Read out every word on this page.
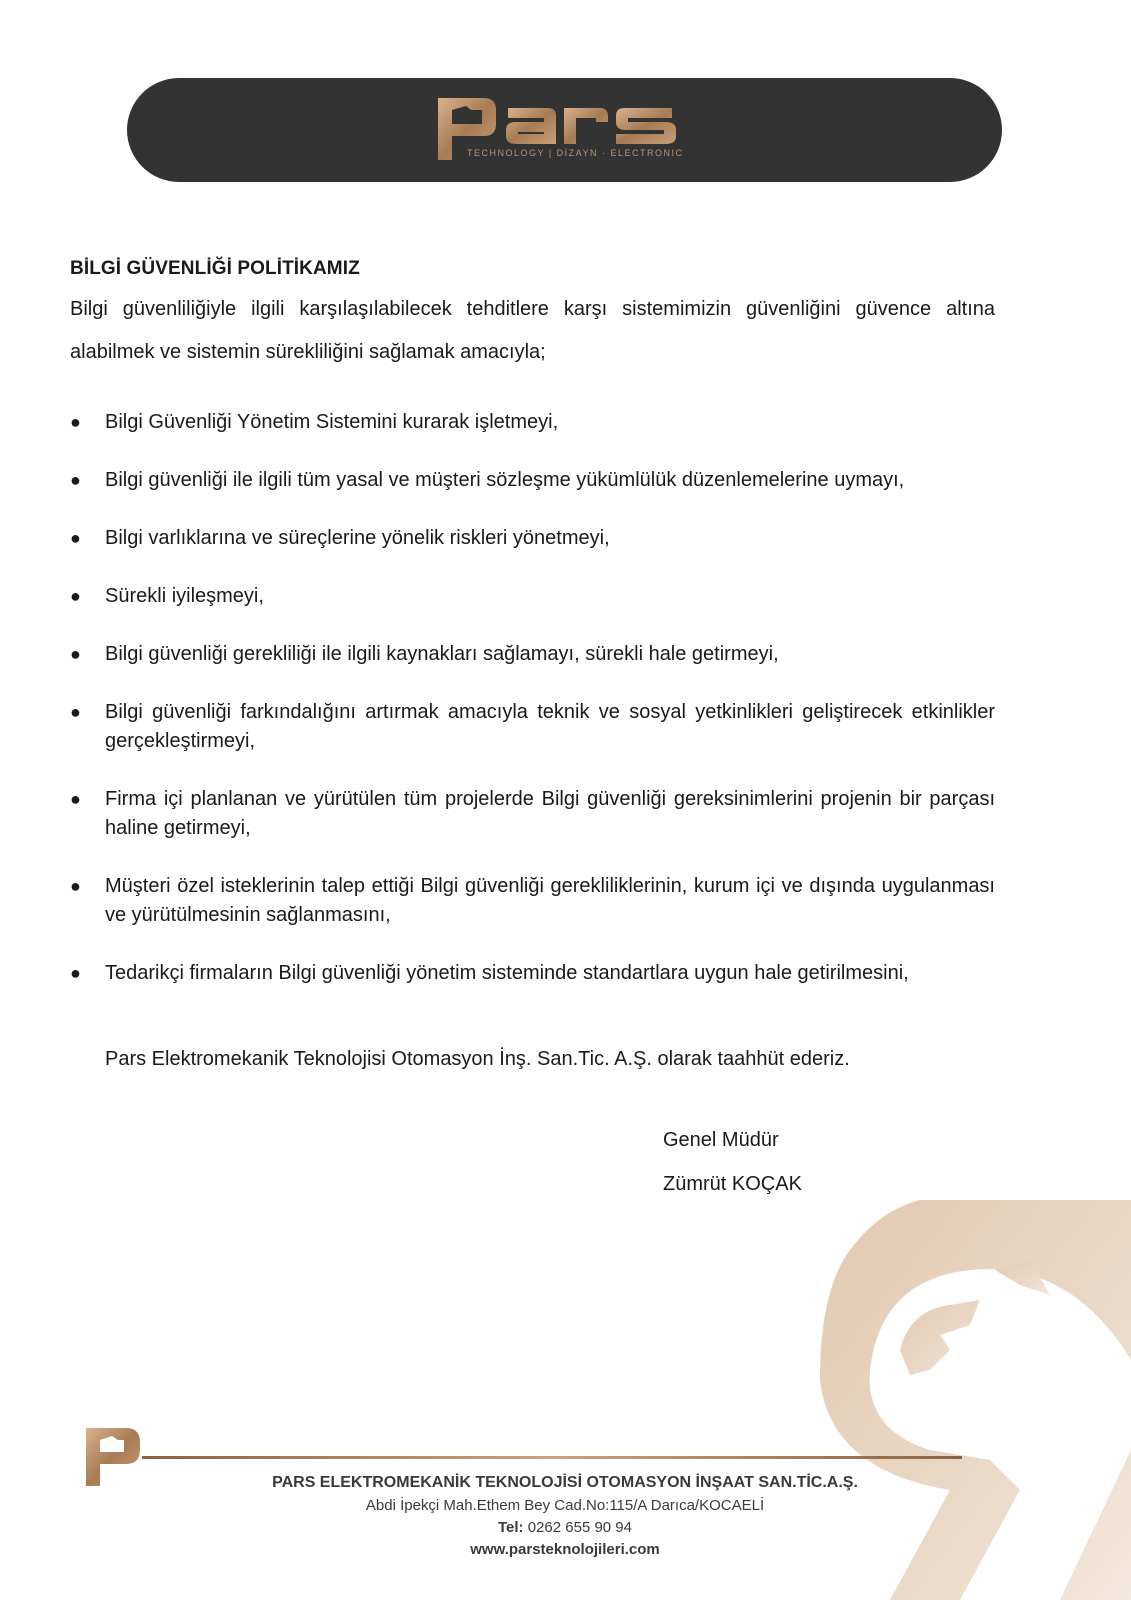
TECHNOLOGY | DİZAYN · ELECTRONIC
BİLGİ GÜVENLİĞİ POLİTİKAMIZ

Bilgi güvenliliğiyle ilgili karşılaşılabilecek tehditlere karşı sistemimizin güvenliğini güvence altına alabilmek ve sistemin sürekliliğini sağlamak amacıyla;

● Bilgi Güvenliği Yönetim Sistemini kurarak işletmeyi,
● Bilgi güvenliği ile ilgili tüm yasal ve müşteri sözleşme yükümlülük düzenlemelerine uymayı,
● Bilgi varlıklarına ve süreçlerine yönelik riskleri yönetmeyi,
● Sürekli iyileşmeyi,
● Bilgi güvenliği gerekliliği ile ilgili kaynakları sağlamayı, sürekli hale getirmeyi,
● Bilgi güvenliği farkındalığını artırmak amacıyla teknik ve sosyal yetkinlikleri geliştirecek etkinlikler gerçekleştirmeyi,
● Firma içi planlanan ve yürütülen tüm projelerde Bilgi güvenliği gereksinimlerini projenin bir parçası haline getirmeyi,
● Müşteri özel isteklerinin talep ettiği Bilgi güvenliği gerekliliklerinin, kurum içi ve dışında uygulanması ve yürütülmesinin sağlanmasını,
● Tedarikçi firmaların Bilgi güvenliği yönetim sisteminde standartlara uygun hale getirilmesini,
Pars Elektromekanik Teknolojisi Otomasyon İnş. San.Tic. A.Ş. olarak taahhüt ederiz.
Genel Müdür
Zümrüt KOÇAK
PARS ELEKTROMEKANİK TEKNOLOJİSİ OTOMASYON İNŞAAT SAN.TİC.A.Ş.
Abdi İpekçi Mah.Ethem Bey Cad.No:115/A Darıca/KOCAELİ
Tel: 0262 655 90 94
www.parsteknolojileri.com
